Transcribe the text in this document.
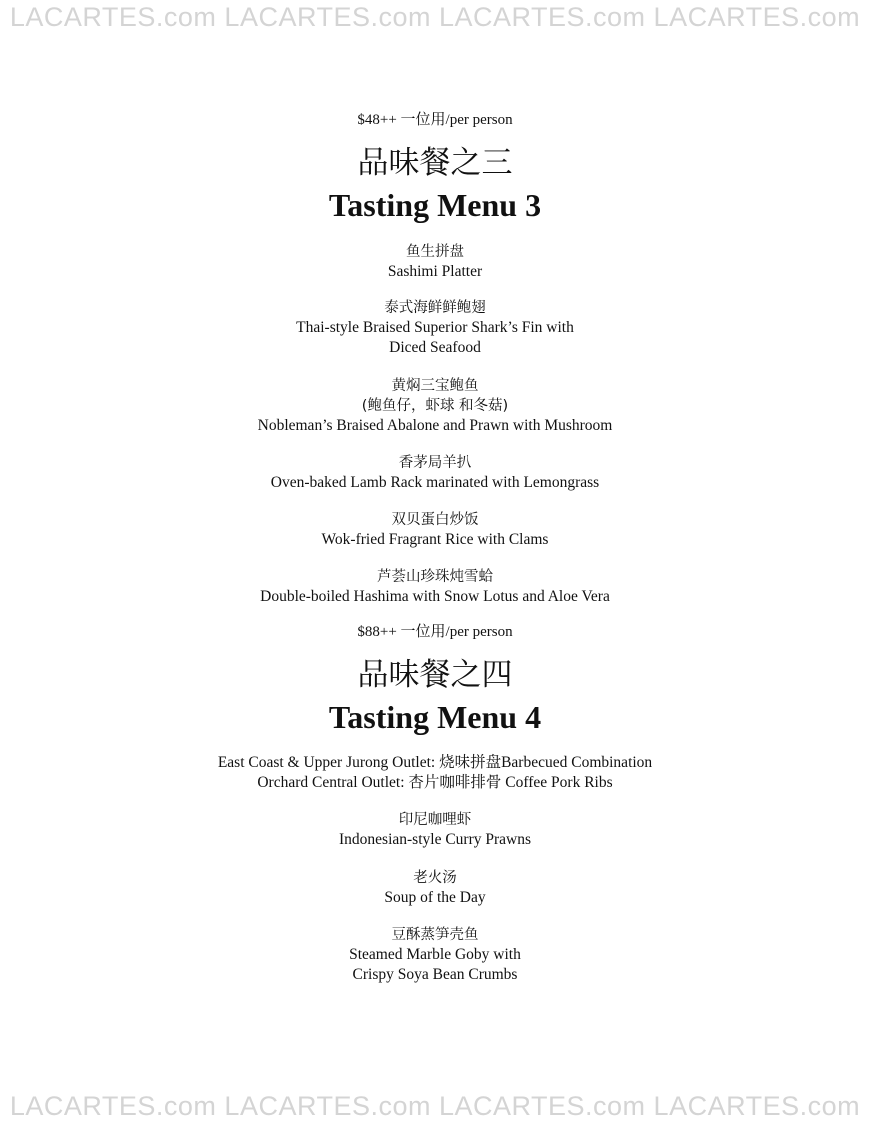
LACARTES.com LACARTES.com LACARTES.com LACARTES.com
$48++ 一位用/per person
品味餐之三
Tasting Menu 3
鱼生拼盘
Sashimi Platter
泰式海鲜鲜鲍翅
Thai-style Braised Superior Shark’s Fin with
Diced Seafood
黄焖三宝鲍鱼
(鲍鱼仔，虾球 和冬菇)
Nobleman’s Braised Abalone and Prawn with Mushroom
香茅局羊扒
Oven-baked Lamb Rack marinated with Lemongrass
双贝蛋白炒饭
Wok-fried Fragrant Rice with Clams
芦荟山珍珠炖雪蛤
Double-boiled Hashima with Snow Lotus and Aloe Vera
$88++ 一位用/per person
品味餐之四
Tasting Menu 4
East Coast & Upper Jurong Outlet: 烧味拼盘Barbecued Combination
Orchard Central Outlet: 杏片咖啡排骨 Coffee Pork Ribs
印尼咖哩虾
Indonesian-style Curry Prawns
老火汤
Soup of the Day
豆酥蒸笋壳鱼
Steamed Marble Goby with
Crispy Soya Bean Crumbs
LACARTES.com LACARTES.com LACARTES.com LACARTES.com
